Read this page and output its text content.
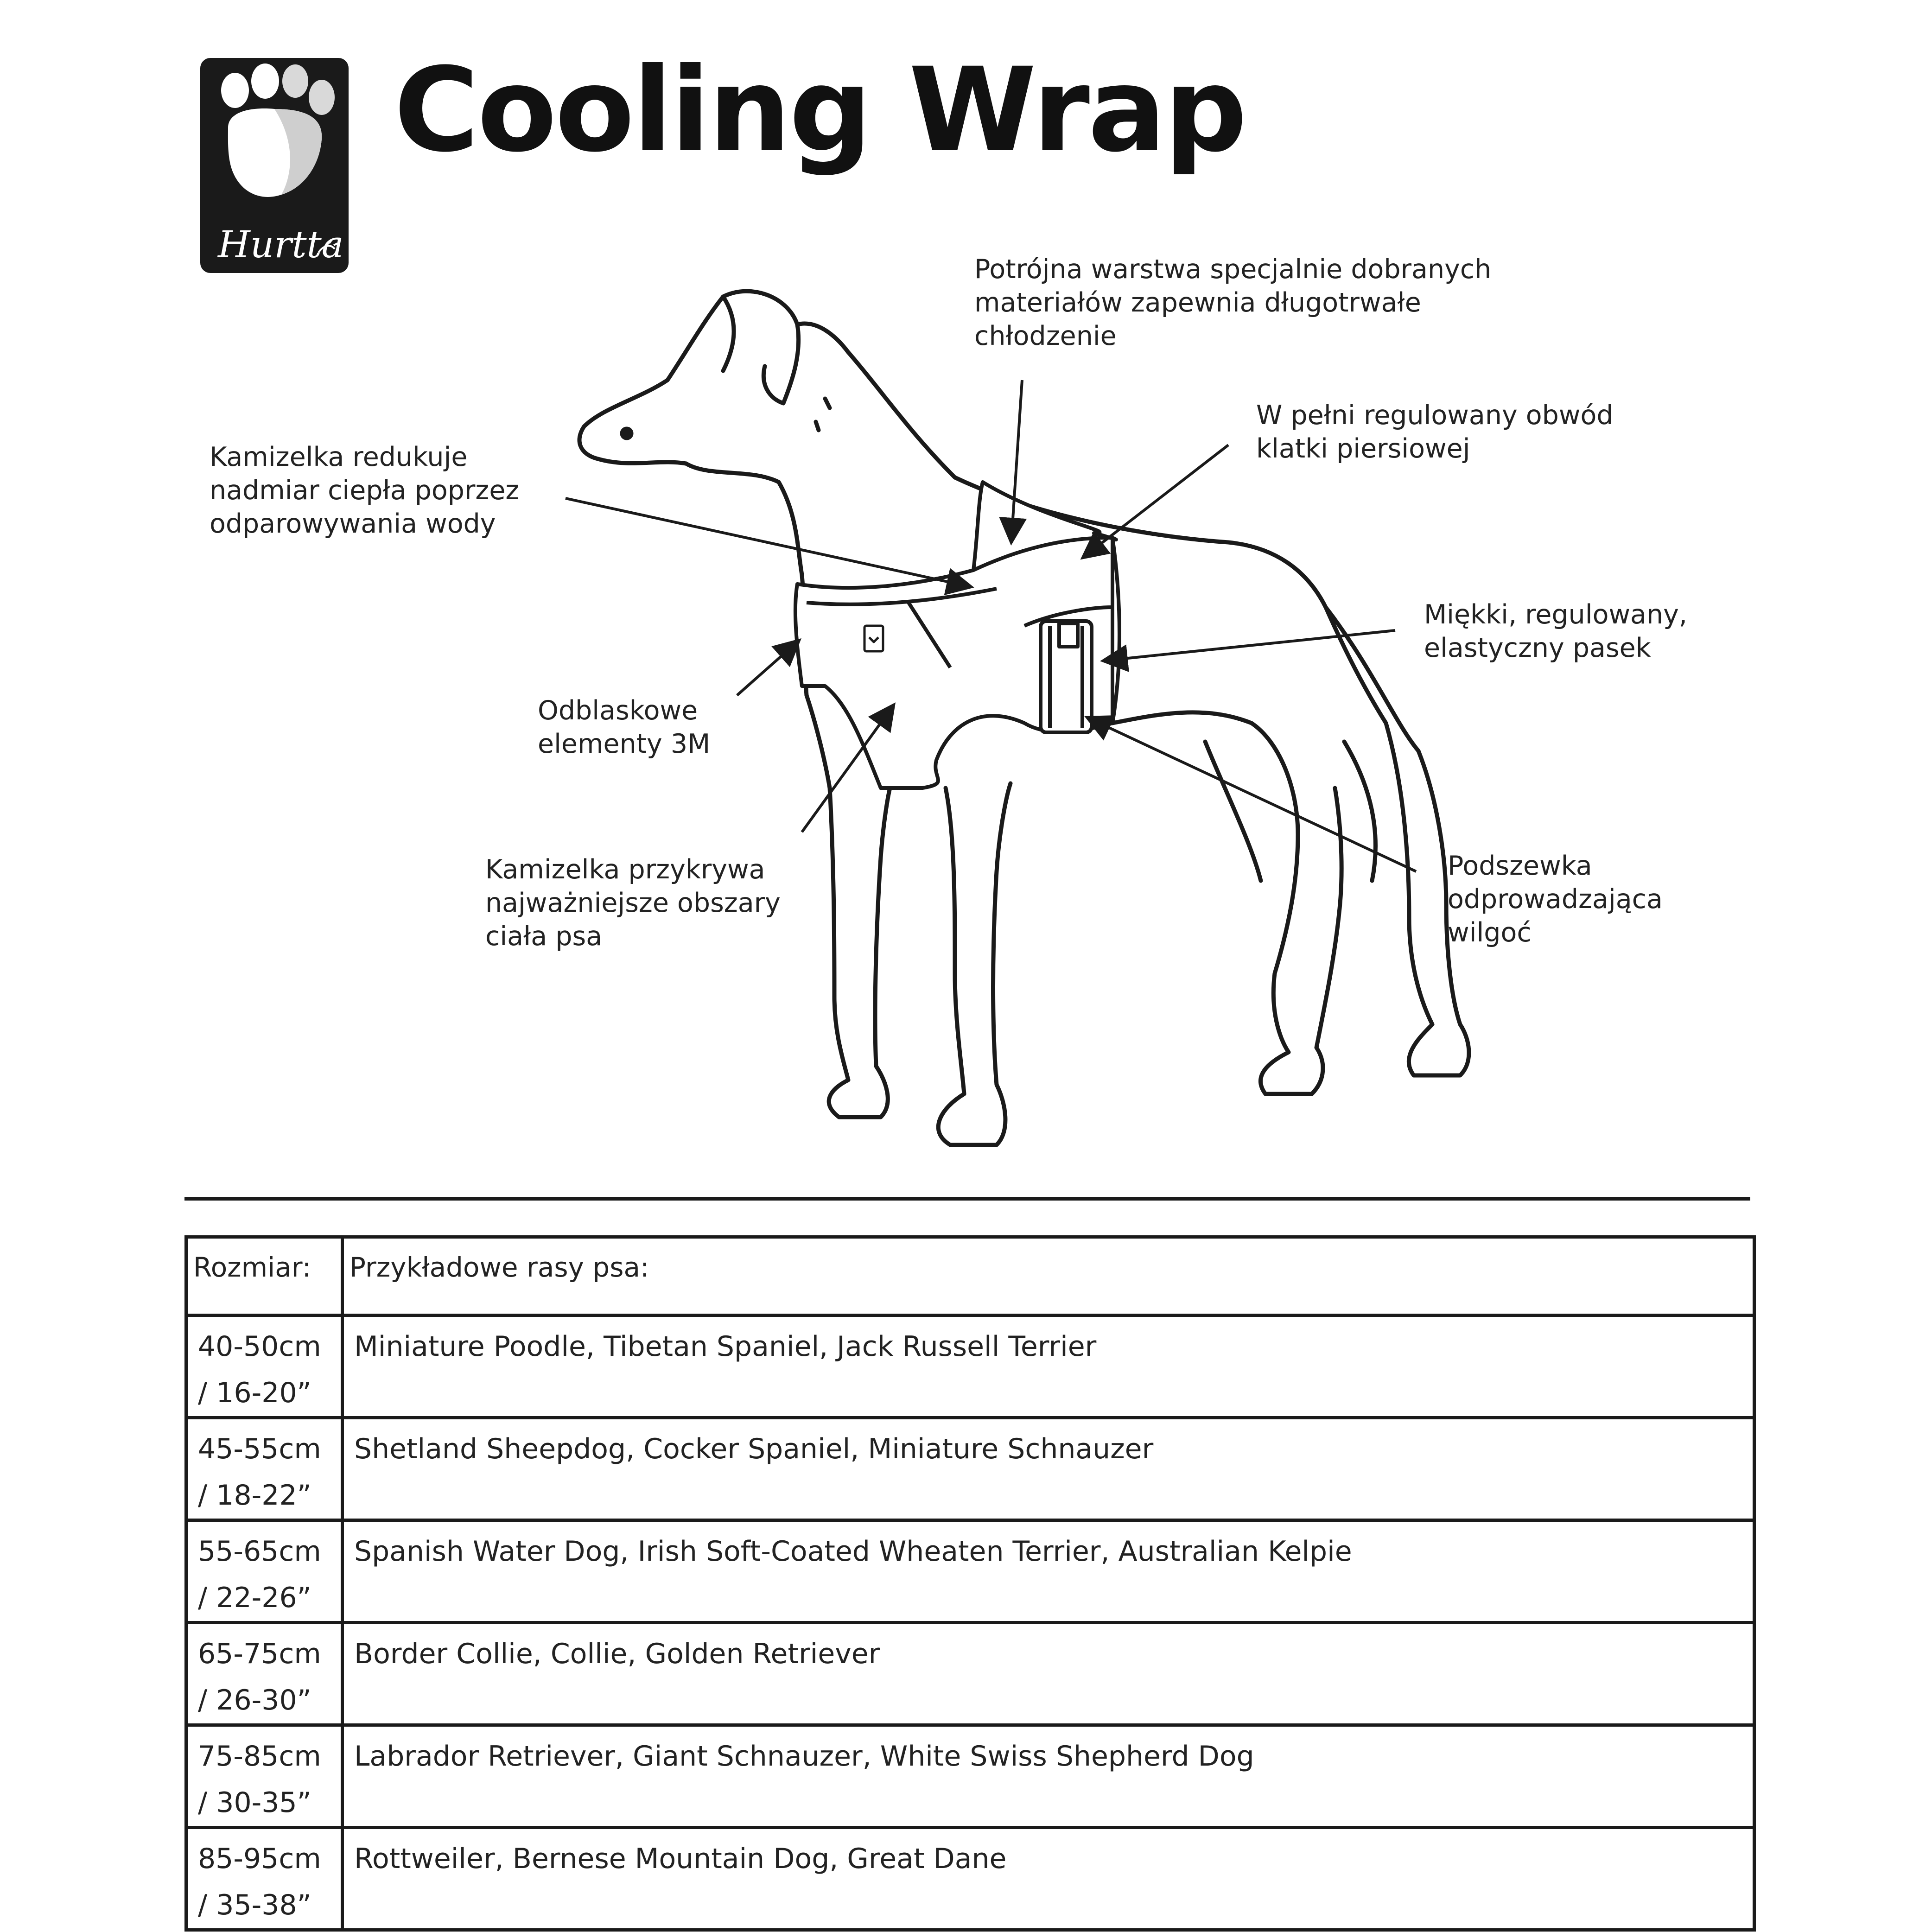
Hurtta
Cooling Wrap
Potrójna warstwa specjalnie dobranych
materiałów zapewnia długotrwałe
chłodzenie
W pełni regulowany obwód
klatki piersiowej
Kamizelka redukuje
nadmiar ciepła poprzez
odparowywania wody
Miękki, regulowany,
elastyczny pasek
Odblaskowe
elementy 3M
Podszewka
odprowadzająca
wilgoć
Kamizelka przykrywa
najważniejsze obszary
ciała psa
Rozmiar:	Przykładowe rasy psa:

40-50cm
/ 16-20”	Miniature Poodle, Tibetan Spaniel, Jack Russell Terrier

45-55cm
/ 18-22”	Shetland Sheepdog, Cocker Spaniel, Miniature Schnauzer

55-65cm
/ 22-26”	Spanish Water Dog, Irish Soft-Coated Wheaten Terrier, Australian Kelpie

65-75cm
/ 26-30”	Border Collie, Collie, Golden Retriever

75-85cm
/ 30-35”	Labrador Retriever, Giant Schnauzer, White Swiss Shepherd Dog

85-95cm
/ 35-38”	Rottweiler, Bernese Mountain Dog, Great Dane
